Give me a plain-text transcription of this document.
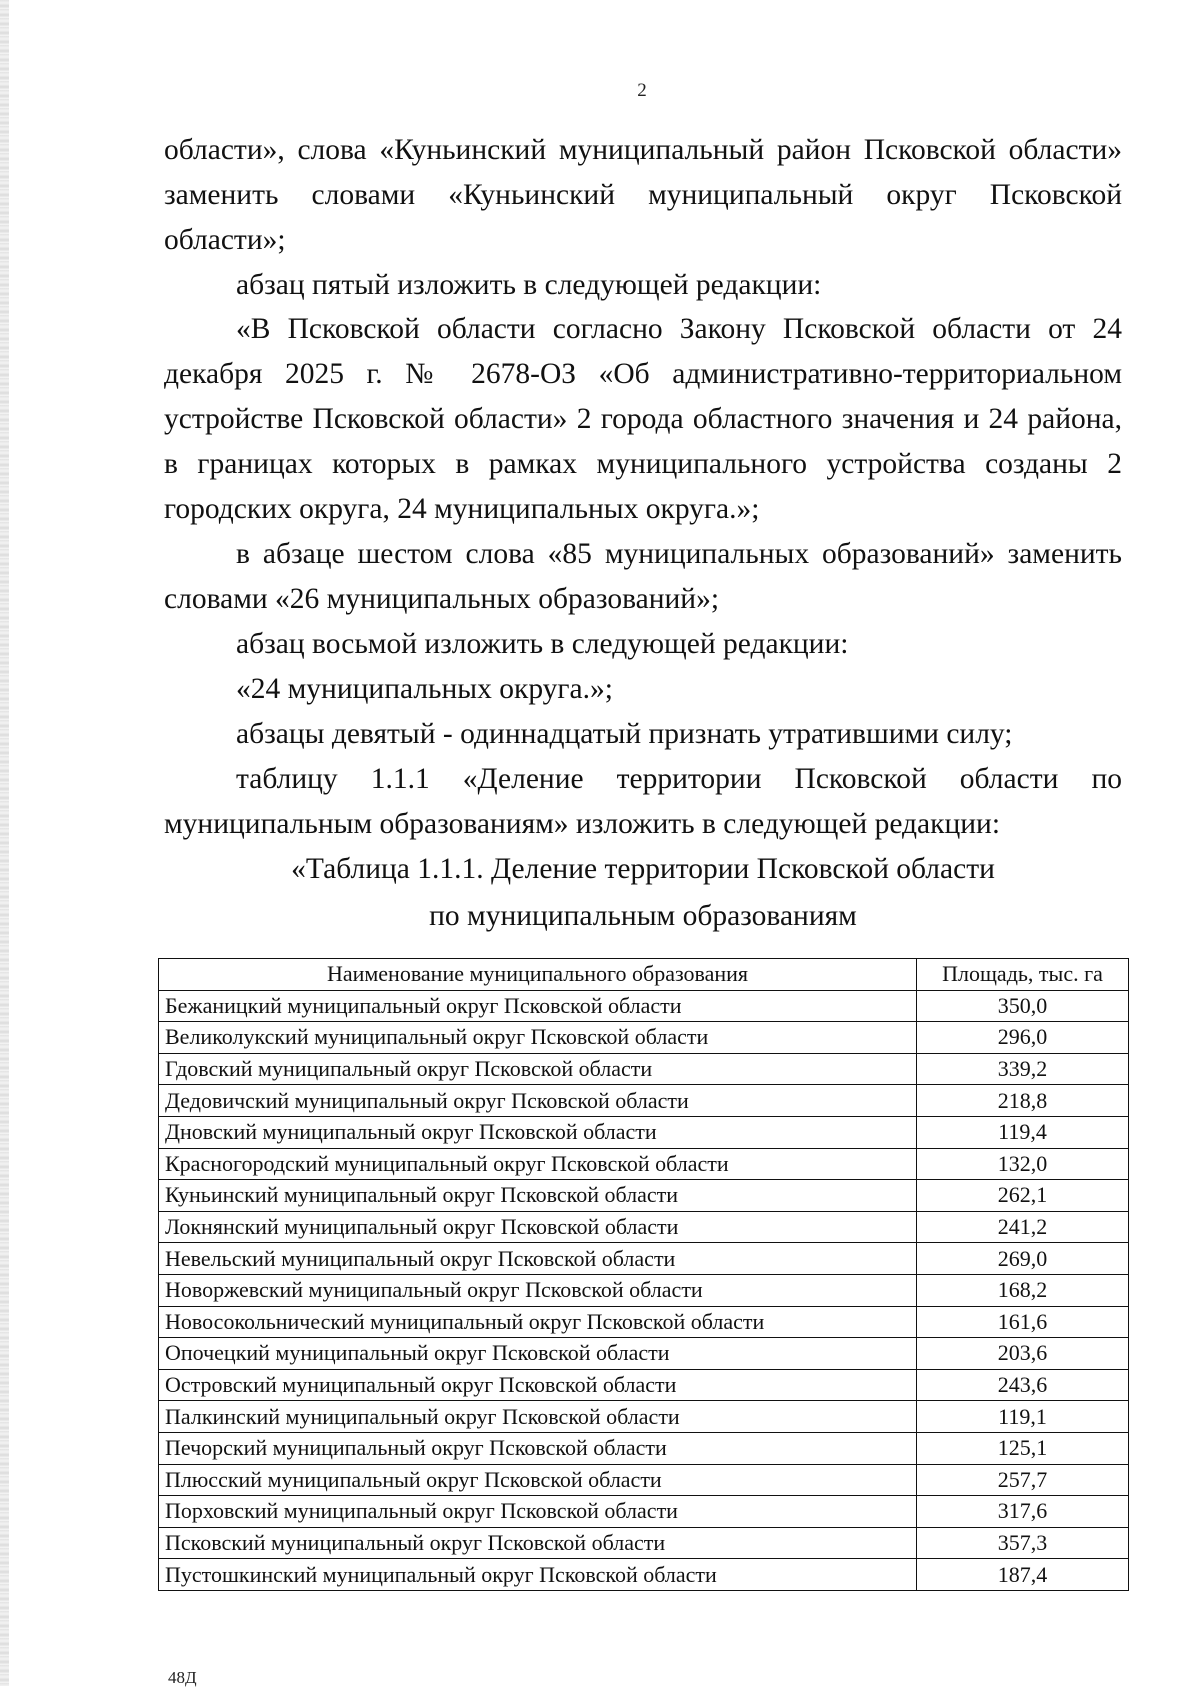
2

области», слова «Куньинский муниципальный район Псковской области» заменить словами «Куньинский муниципальный округ Псковской области»;

абзац пятый изложить в следующей редакции:

«В Псковской области согласно Закону Псковской области от 24 декабря 2025 г. № 2678-ОЗ «Об административно-территориальном устройстве Псковской области» 2 города областного значения и 24 района, в границах которых в рамках муниципального устройства созданы 2 городских округа, 24 муниципальных округа.»;

в абзаце шестом слова «85 муниципальных образований» заменить словами «26 муниципальных образований»;

абзац восьмой изложить в следующей редакции:

«24 муниципальных округа.»;

абзацы девятый - одиннадцатый признать утратившими силу;

таблицу 1.1.1 «Деление территории Псковской области по муниципальным образованиям» изложить в следующей редакции:

«Таблица 1.1.1. Деление территории Псковской области
по муниципальным образованиям
Наименование муниципального образования	Площадь, тыс. га
Бежаницкий муниципальный округ Псковской области	350,0
Великолукский муниципальный округ Псковской области	296,0
Гдовский муниципальный округ Псковской области	339,2
Дедовичский муниципальный округ Псковской области	218,8
Дновский муниципальный округ Псковской области	119,4
Красногородский муниципальный округ Псковской области	132,0
Куньинский муниципальный округ Псковской области	262,1
Локнянский муниципальный округ Псковской области	241,2
Невельский муниципальный округ Псковской области	269,0
Новоржевский муниципальный округ Псковской области	168,2
Новосокольнический муниципальный округ Псковской области	161,6
Опочецкий муниципальный округ Псковской области	203,6
Островский муниципальный округ Псковской области	243,6
Палкинский муниципальный округ Псковской области	119,1
Печорский муниципальный округ Псковской области	125,1
Плюсский муниципальный округ Псковской области	257,7
Порховский муниципальный округ Псковской области	317,6
Псковский муниципальный округ Псковской области	357,3
Пустошкинский муниципальный округ Псковской области	187,4
48Д
